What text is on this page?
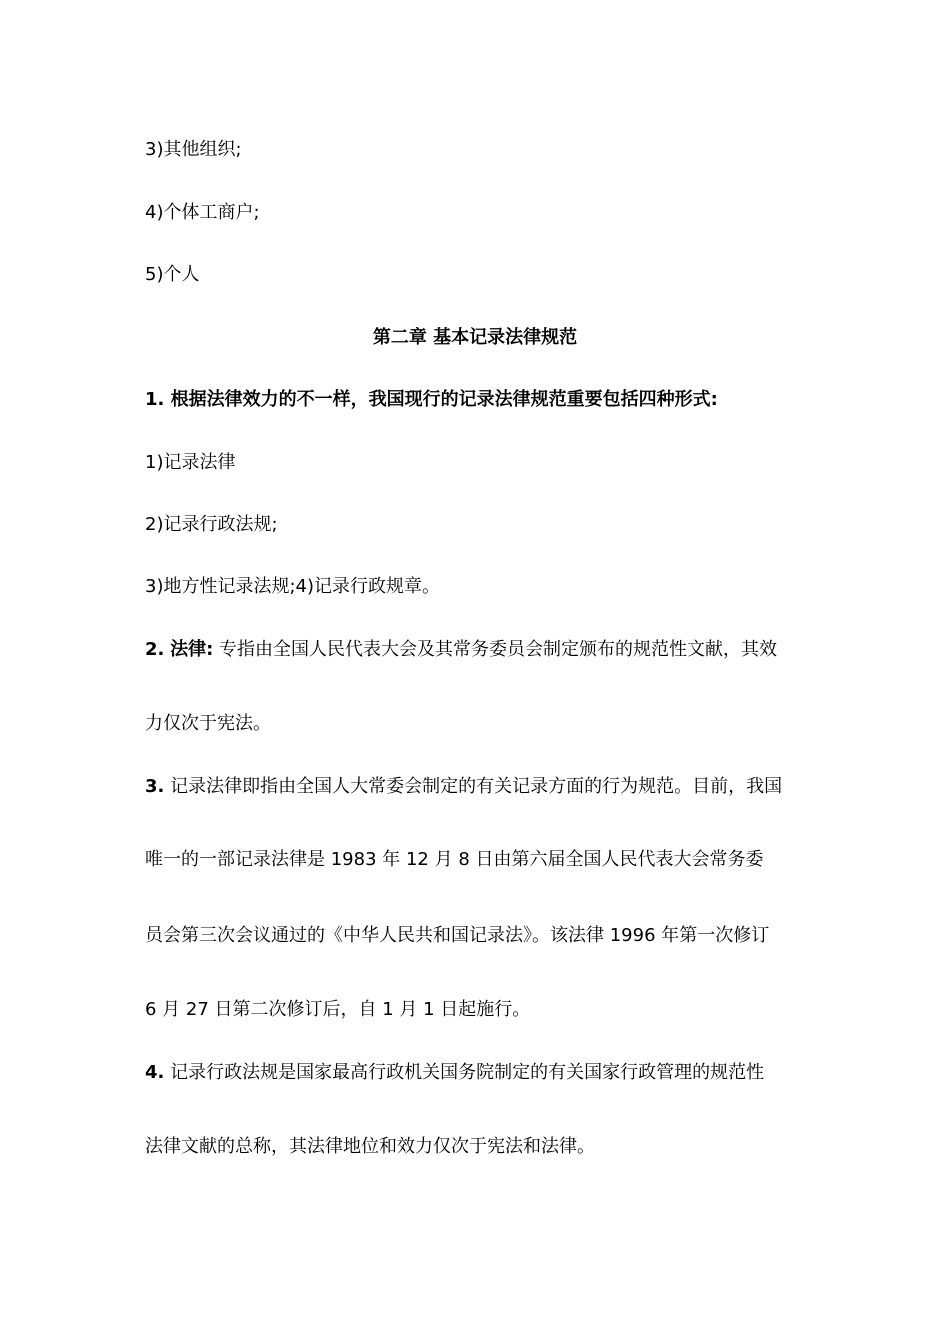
3)其他组织;
4)个体工商户;
5)个人
第二章 基本记录法律规范
1. 根据法律效力的不一样，我国现行的记录法律规范重要包括四种形式:
1)记录法律
2)记录行政法规;
3)地方性记录法规;4)记录行政规章。
2. 法律: 专指由全国人民代表大会及其常务委员会制定颁布的规范性文献，其效
力仅次于宪法。
3. 记录法律即指由全国人大常委会制定的有关记录方面的行为规范。目前，我国
唯一的一部记录法律是 1983 年 12 月 8 日由第六届全国人民代表大会常务委
员会第三次会议通过的《中华人民共和国记录法》。该法律 1996 年第一次修订
6 月 27 日第二次修订后，自 1 月 1 日起施行。
4. 记录行政法规是国家最高行政机关国务院制定的有关国家行政管理的规范性
法律文献的总称，其法律地位和效力仅次于宪法和法律。
